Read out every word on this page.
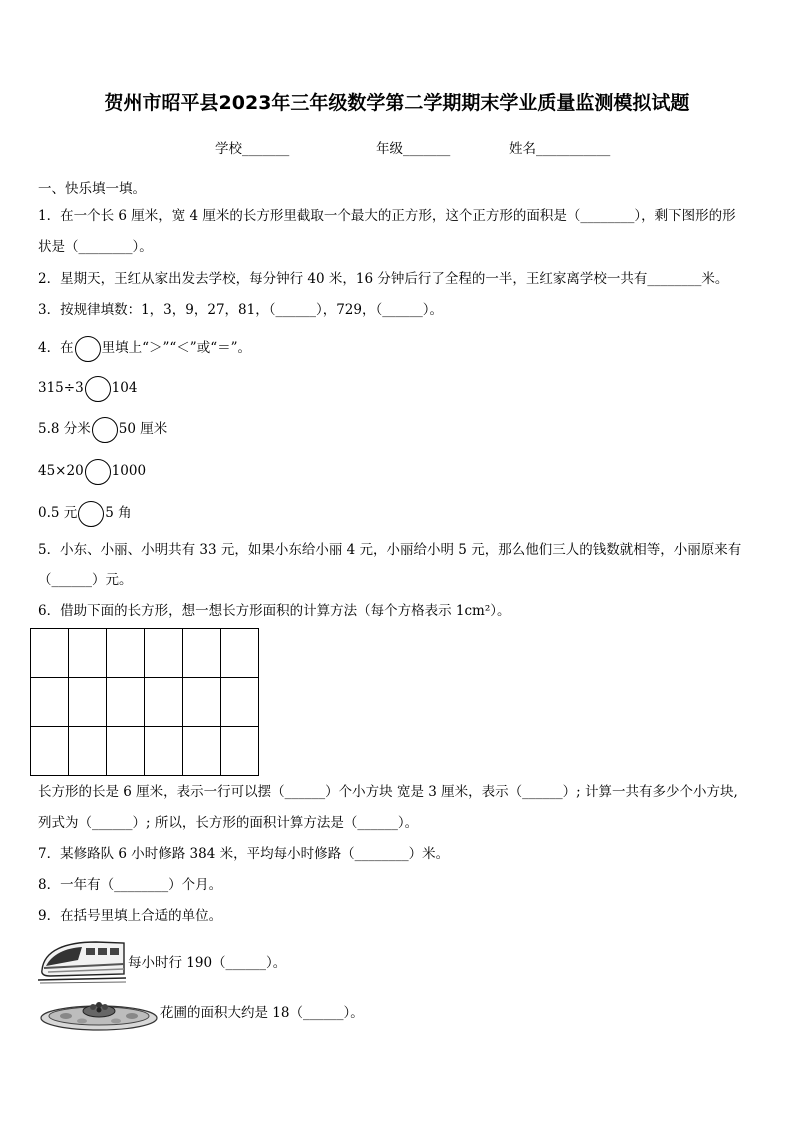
贺州市昭平县2023年三年级数学第二学期期末学业质量监测模拟试题
学校_______	年级_______	姓名___________
一、快乐填一填。
1．在一个长 6 厘米，宽 4 厘米的长方形里截取一个最大的正方形，这个正方形的面积是（________），剩下图形的形
状是（________）。
2．星期天，王红从家出发去学校，每分钟行 40 米，16 分钟后行了全程的一半，王红家离学校一共有________米。
3．按规律填数：1，3，9，27，81，（______），729，（______）。
4．在 里填上“＞”“＜”或“＝”。
315÷3 104
5.8 分米 50 厘米
45×20 1000
0.5 元 5 角
5．小东、小丽、小明共有 33 元，如果小东给小丽 4 元，小丽给小明 5 元，那么他们三人的钱数就相等，小丽原来有
（______）元。
6．借助下面的长方形，想一想长方形面积的计算方法（每个方格表示 1cm²）。
长方形的长是 6 厘米，表示一行可以摆（______）个小方块 宽是 3 厘米，表示（______）; 计算一共有多少个小方块,
列式为（______）; 所以，长方形的面积计算方法是（______）。
7．某修路队 6 小时修路 384 米，平均每小时修路（________）米。
8．一年有（________）个月。
9．在括号里填上合适的单位。
每小时行 190（______）。
花圃的面积大约是 18（______）。
